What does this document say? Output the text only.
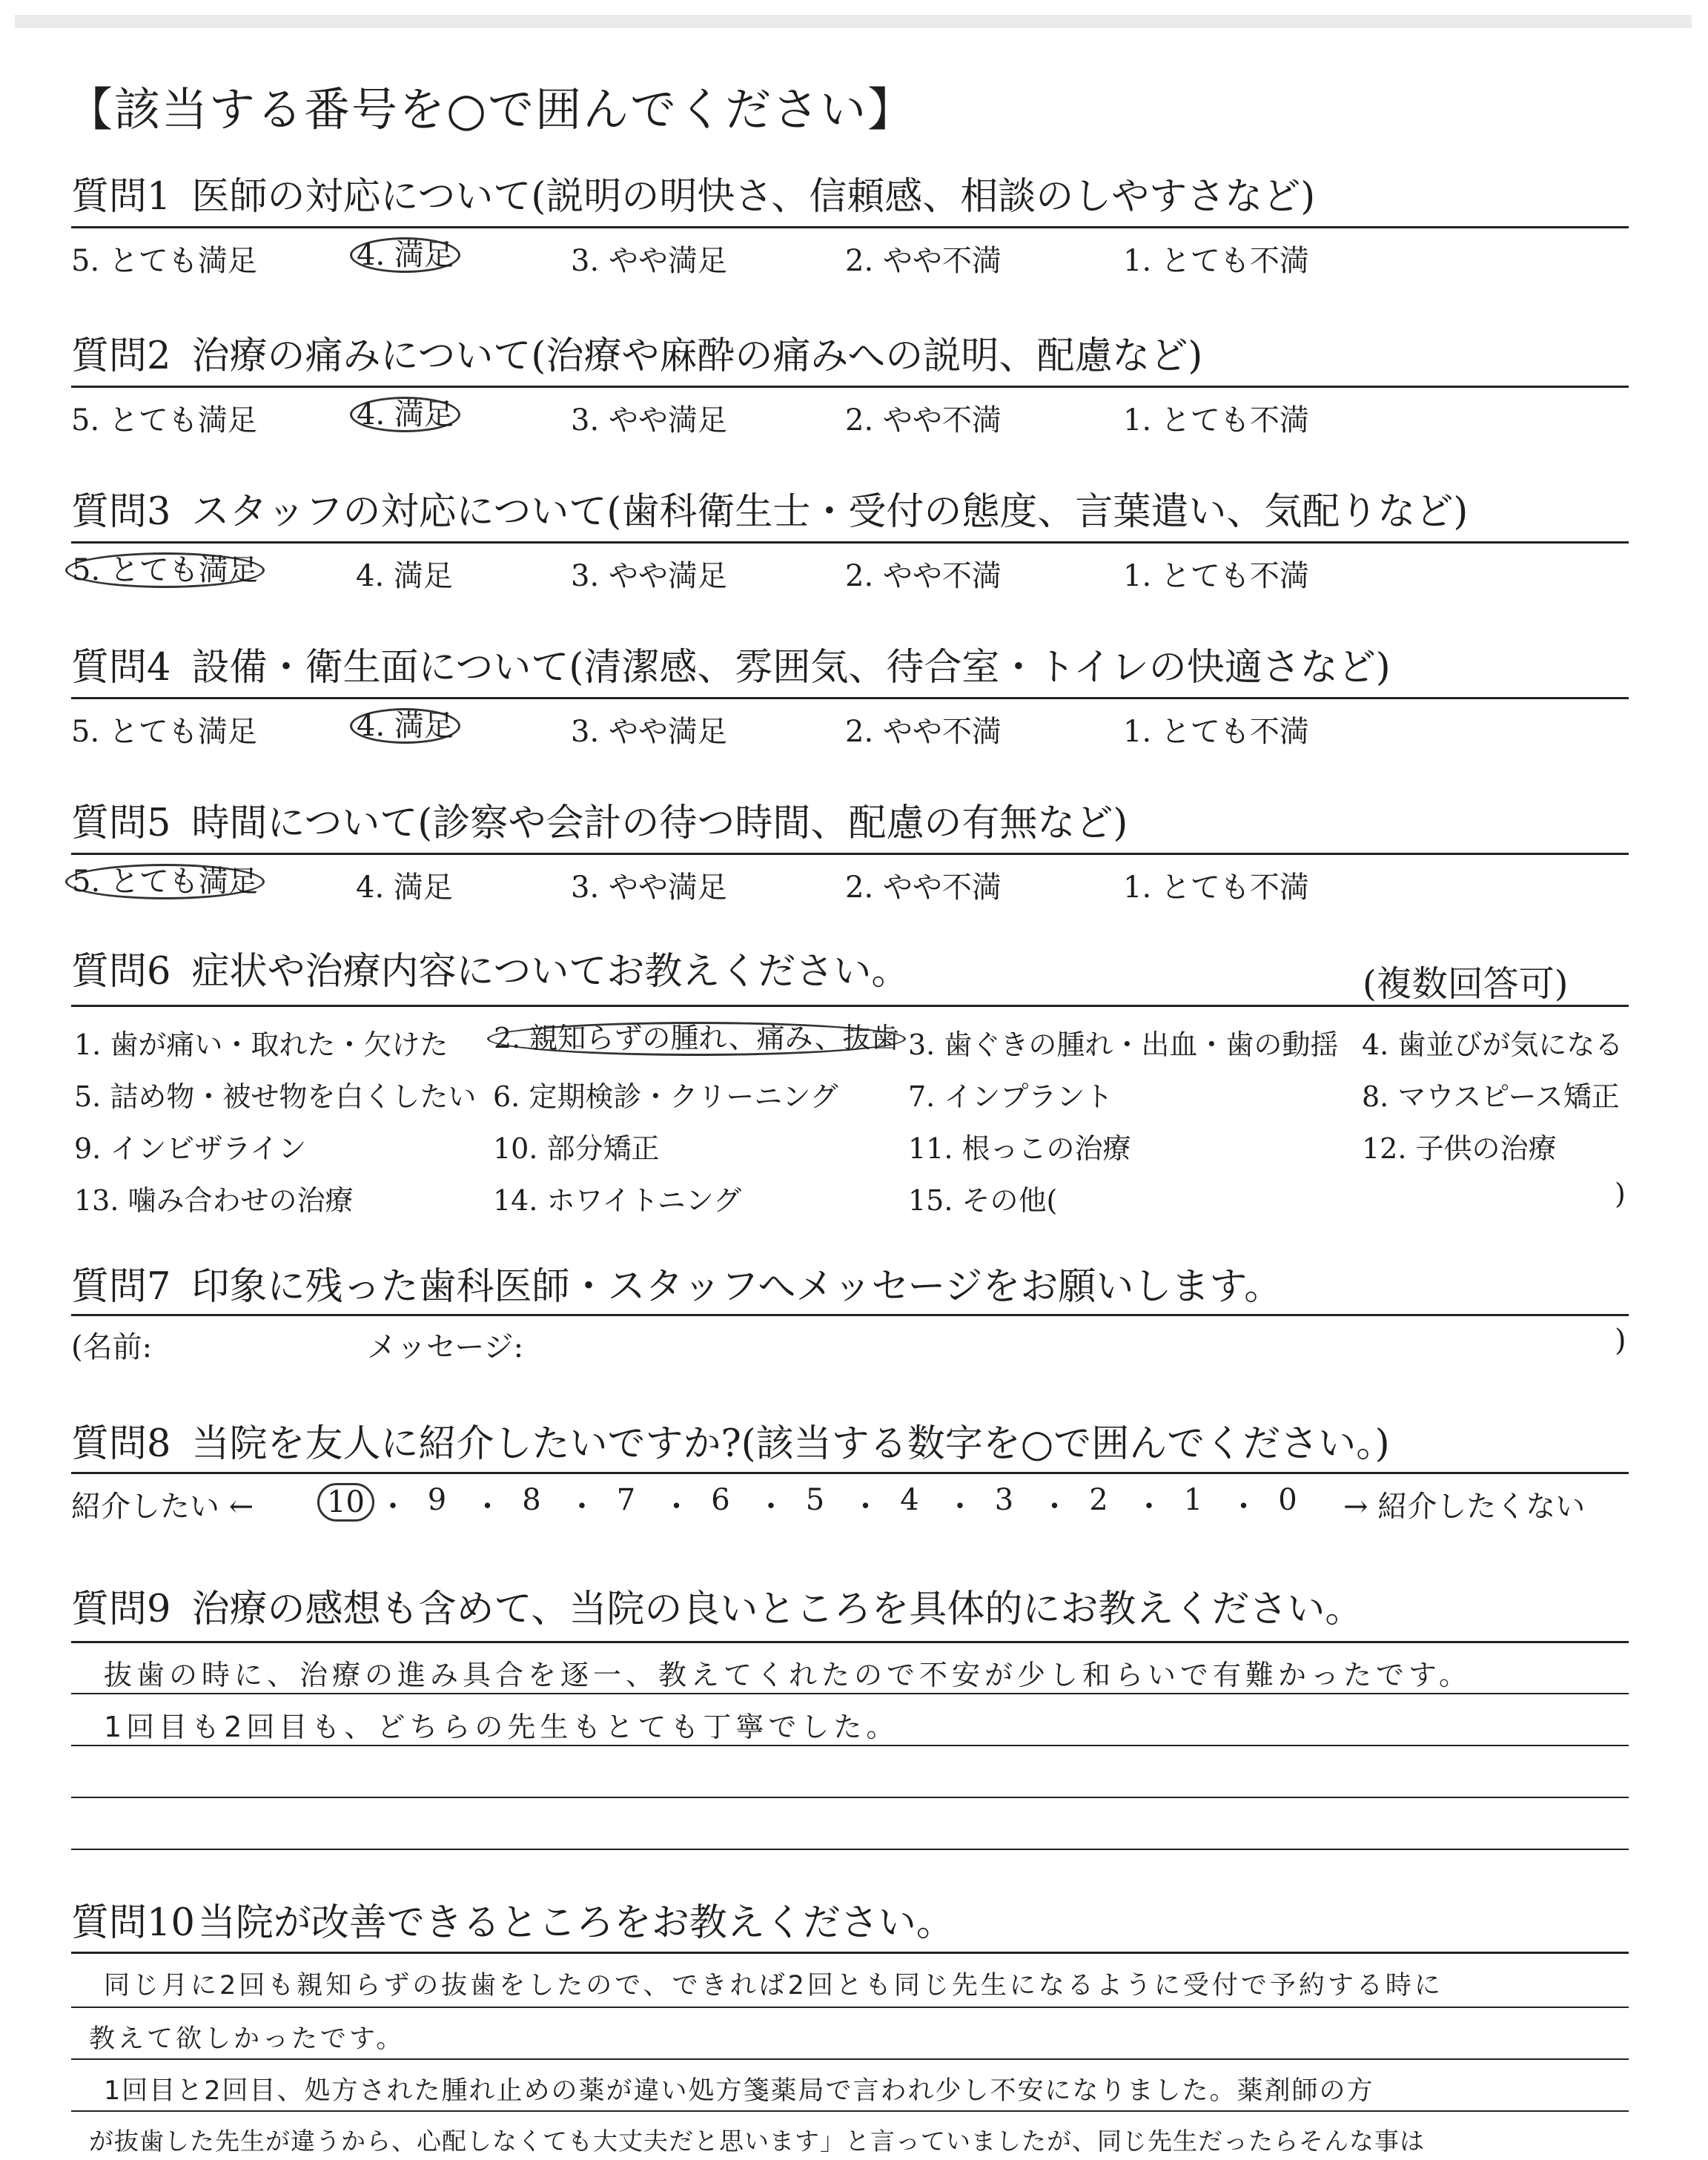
【該当する番号を○で囲んでください】
質問1 医師の対応について(説明の明快さ、信頼感、相談のしやすさなど)
5. とても満足	4. 満足	3. やや満足	2. やや不満	1. とても不満
質問2 治療の痛みについて(治療や麻酔の痛みへの説明、配慮など)
5. とても満足	4. 満足	3. やや満足	2. やや不満	1. とても不満
質問3 スタッフの対応について(歯科衛生士・受付の態度、言葉遣い、気配りなど)
5. とても満足	4. 満足	3. やや満足	2. やや不満	1. とても不満
質問4 設備・衛生面について(清潔感、雰囲気、待合室・トイレの快適さなど)
5. とても満足	4. 満足	3. やや満足	2. やや不満	1. とても不満
質問5 時間について(診察や会計の待つ時間、配慮の有無など)
5. とても満足	4. 満足	3. やや満足	2. やや不満	1. とても不満
質問6 症状や治療内容についてお教えください。	(複数回答可)
1. 歯が痛い・取れた・欠けた 2. 親知らずの腫れ、痛み、抜歯 3. 歯ぐきの腫れ・出血・歯の動揺 4. 歯並びが気になる
5. 詰め物・被せ物を白くしたい 6. 定期検診・クリーニング 7. インプラント	8. マウスピース矯正
9. インビザライン	10. 部分矯正	11. 根っこの治療	12. 子供の治療
13. 噛み合わせの治療	14. ホワイトニング	15. その他(	)
質問7 印象に残った歯科医師・スタッフへメッセージをお願いします。
(名前:	メッセージ:	)
質問8 当院を友人に紹介したいですか?(該当する数字を○で囲んでください。)
紹介したい ←	→ 紹介したくない
10 ・ 9 ・ 8 ・ 7 ・ 6 ・ 5 ・ 4 ・ 3 ・ 2 ・ 1 ・ 0
質問9 治療の感想も含めて、当院の良いところを具体的にお教えください。
抜歯の時に、治療の進み具合を逐一、教えてくれたので不安が少し和らいで有難かったです。
1回目も2回目も、どちらの先生もとても丁寧でした。
質問10当院が改善できるところをお教えください。
同じ月に2回も親知らずの抜歯をしたので、できれば2回とも同じ先生になるように受付で予約する時に
教えて欲しかったです。
1回目と2回目、処方された腫れ止めの薬が違い処方箋薬局で言われ少し不安になりました。薬剤師の方
が抜歯した先生が違うから、心配しなくても大丈夫だと思います」と言っていましたが、同じ先生だったらそんな事は
